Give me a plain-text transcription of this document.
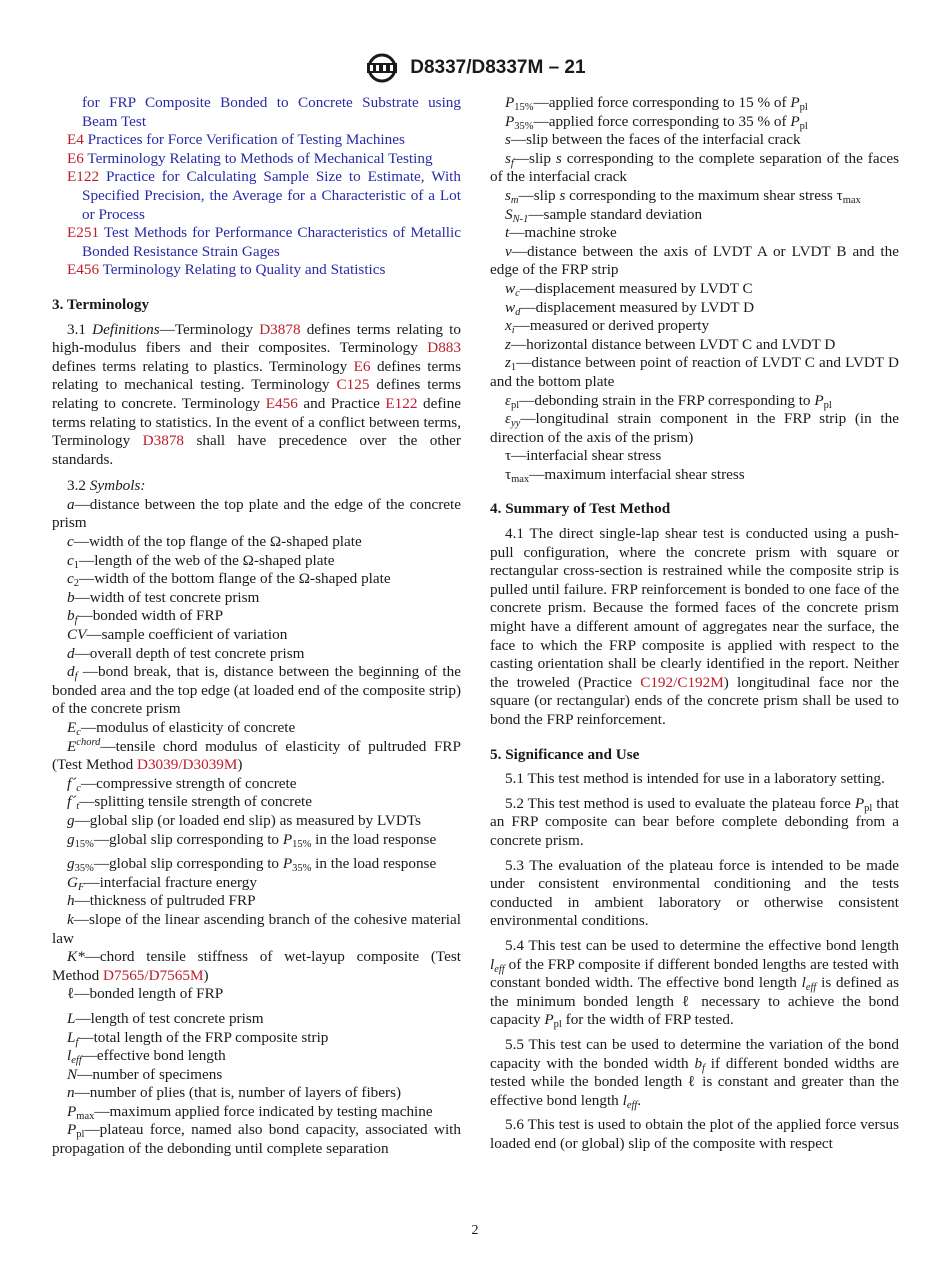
D8337/D8337M – 21

for FRP Composite Bonded to Concrete Substrate using Beam Test

E4 Practices for Force Verification of Testing Machines

E6 Terminology Relating to Methods of Mechanical Testing

E122 Practice for Calculating Sample Size to Estimate, With Specified Precision, the Average for a Characteristic of a Lot or Process

E251 Test Methods for Performance Characteristics of Metallic Bonded Resistance Strain Gages

E456 Terminology Relating to Quality and Statistics

3. Terminology

3.1 Definitions—Terminology D3878 defines terms relating to high-modulus fibers and their composites. Terminology D883 defines terms relating to plastics. Terminology E6 defines terms relating to mechanical testing. Terminology C125 defines terms relating to concrete. Terminology E456 and Practice E122 define terms relating to statistics. In the event of a conflict between terms, Terminology D3878 shall have precedence over the other standards.

3.2 Symbols:

a—distance between the top plate and the edge of the concrete prism

c—width of the top flange of the Ω-shaped plate

$c_1—length$ of the web of the Ω-shaped plate

$c_2—width$ of the bottom flange of the Ω-shaped plate

b—width of test concrete prism

$b_f—bonded$ width of FRP

CV—sample coefficient of variation

d—overall depth of test concrete prism

$d_f$ —bond break, that is, distance between the beginning of the bonded area and the top edge (at loaded end of the composite strip) of the concrete prism

$E_c—modulus$ of elasticity of concrete

$E^{chord}—tensile$ chord modulus of elasticity of pultruded FRP (Test Method D3039/D3039M)

$f´_c—compressive$ strength of concrete

$f´_t—splitting$ tensile strength of concrete

g—global slip (or loaded end slip) as measured by LVDTs

$g_{15\%}—global$ slip corresponding to $P_{15\%}$ in the load response

$g_{35\%}—global$ slip corresponding to $P_{35\%}$ in the load response

$G_F—interfacial$ fracture energy

h—thickness of pultruded FRP

k—slope of the linear ascending branch of the cohesive material law

K*—chord tensile stiffness of wet-layup composite (Test Method D7565/D7565M)

ℓ—bonded length of FRP

L—length of test concrete prism

$L_f—total$ length of the FRP composite strip

$l_{eff}—effective$ bond length

N—number of specimens

n—number of plies (that is, number of layers of fibers)

$P_{max}—maximum$ applied force indicated by testing machine

$P_{pl}—plateau$ force, named also bond capacity, associated with propagation of the debonding until complete separation

$P_{15\%}—applied$ force corresponding to 15 % of $P_{pl}$

$P_{35\%}—applied$ force corresponding to 35 % of $P_{pl}$

s—slip between the faces of the interfacial crack

$s_f—slip$ s corresponding to the complete separation of the faces of the interfacial crack

$s_m—slip$ s corresponding to the maximum shear stress $\tau_{max}$

$S_{N-1}—sample$ standard deviation

t—machine stroke

v—distance between the axis of LVDT A or LVDT B and the edge of the FRP strip

$w_c—displacement$ measured by LVDT C

$w_d—displacement$ measured by LVDT D

$x_i—measured$ or derived property

z—horizontal distance between LVDT C and LVDT D

$z_1—distance$ between point of reaction of LVDT C and LVDT D and the bottom plate

$\varepsilon_{pl}—debonding$ strain in the FRP corresponding to $P_{pl}$

$\varepsilon_{yy}—longitudinal$ strain component in the FRP strip (in the direction of the axis of the prism)

τ—interfacial shear stress

$\tau_{max}—maximum$ interfacial shear stress

4. Summary of Test Method

4.1 The direct single-lap shear test is conducted using a push-pull configuration, where the concrete prism with square or rectangular cross-section is restrained while the composite strip is pulled until failure. FRP reinforcement is bonded to one face of the concrete prism. Because the formed faces of the concrete prism might have a different amount of aggregates near the surface, the face to which the FRP composite is applied with respect to the casting orientation shall be clearly identified in the report. Neither the troweled (Practice C192/C192M) longitudinal face nor the square (or rectangular) ends of the concrete prism shall be used to bond the FRP reinforcement.

5. Significance and Use

5.1 This test method is intended for use in a laboratory setting.

5.2 This test method is used to evaluate the plateau force $P_{pl}$ that an FRP composite can bear before complete debonding from a concrete prism.

5.3 The evaluation of the plateau force is intended to be made under consistent environmental conditioning and the tests conducted in ambient laboratory or otherwise consistent environmental conditions.

5.4 This test can be used to determine the effective bond length $l_{eff}$ of the FRP composite if different bonded lengths are tested with constant bonded width. The effective bond length $l_{eff}$ is defined as the minimum bonded length ℓ necessary to achieve the bond capacity $P_{pl}$ for the width of FRP tested.

5.5 This test can be used to determine the variation of the bond capacity with the bonded width $b_f$ if different bonded widths are tested while the bonded length ℓ is constant and greater than the effective bond length $l_{eff}$.

5.6 This test is used to obtain the plot of the applied force versus loaded end (or global) slip of the composite with respect

2
